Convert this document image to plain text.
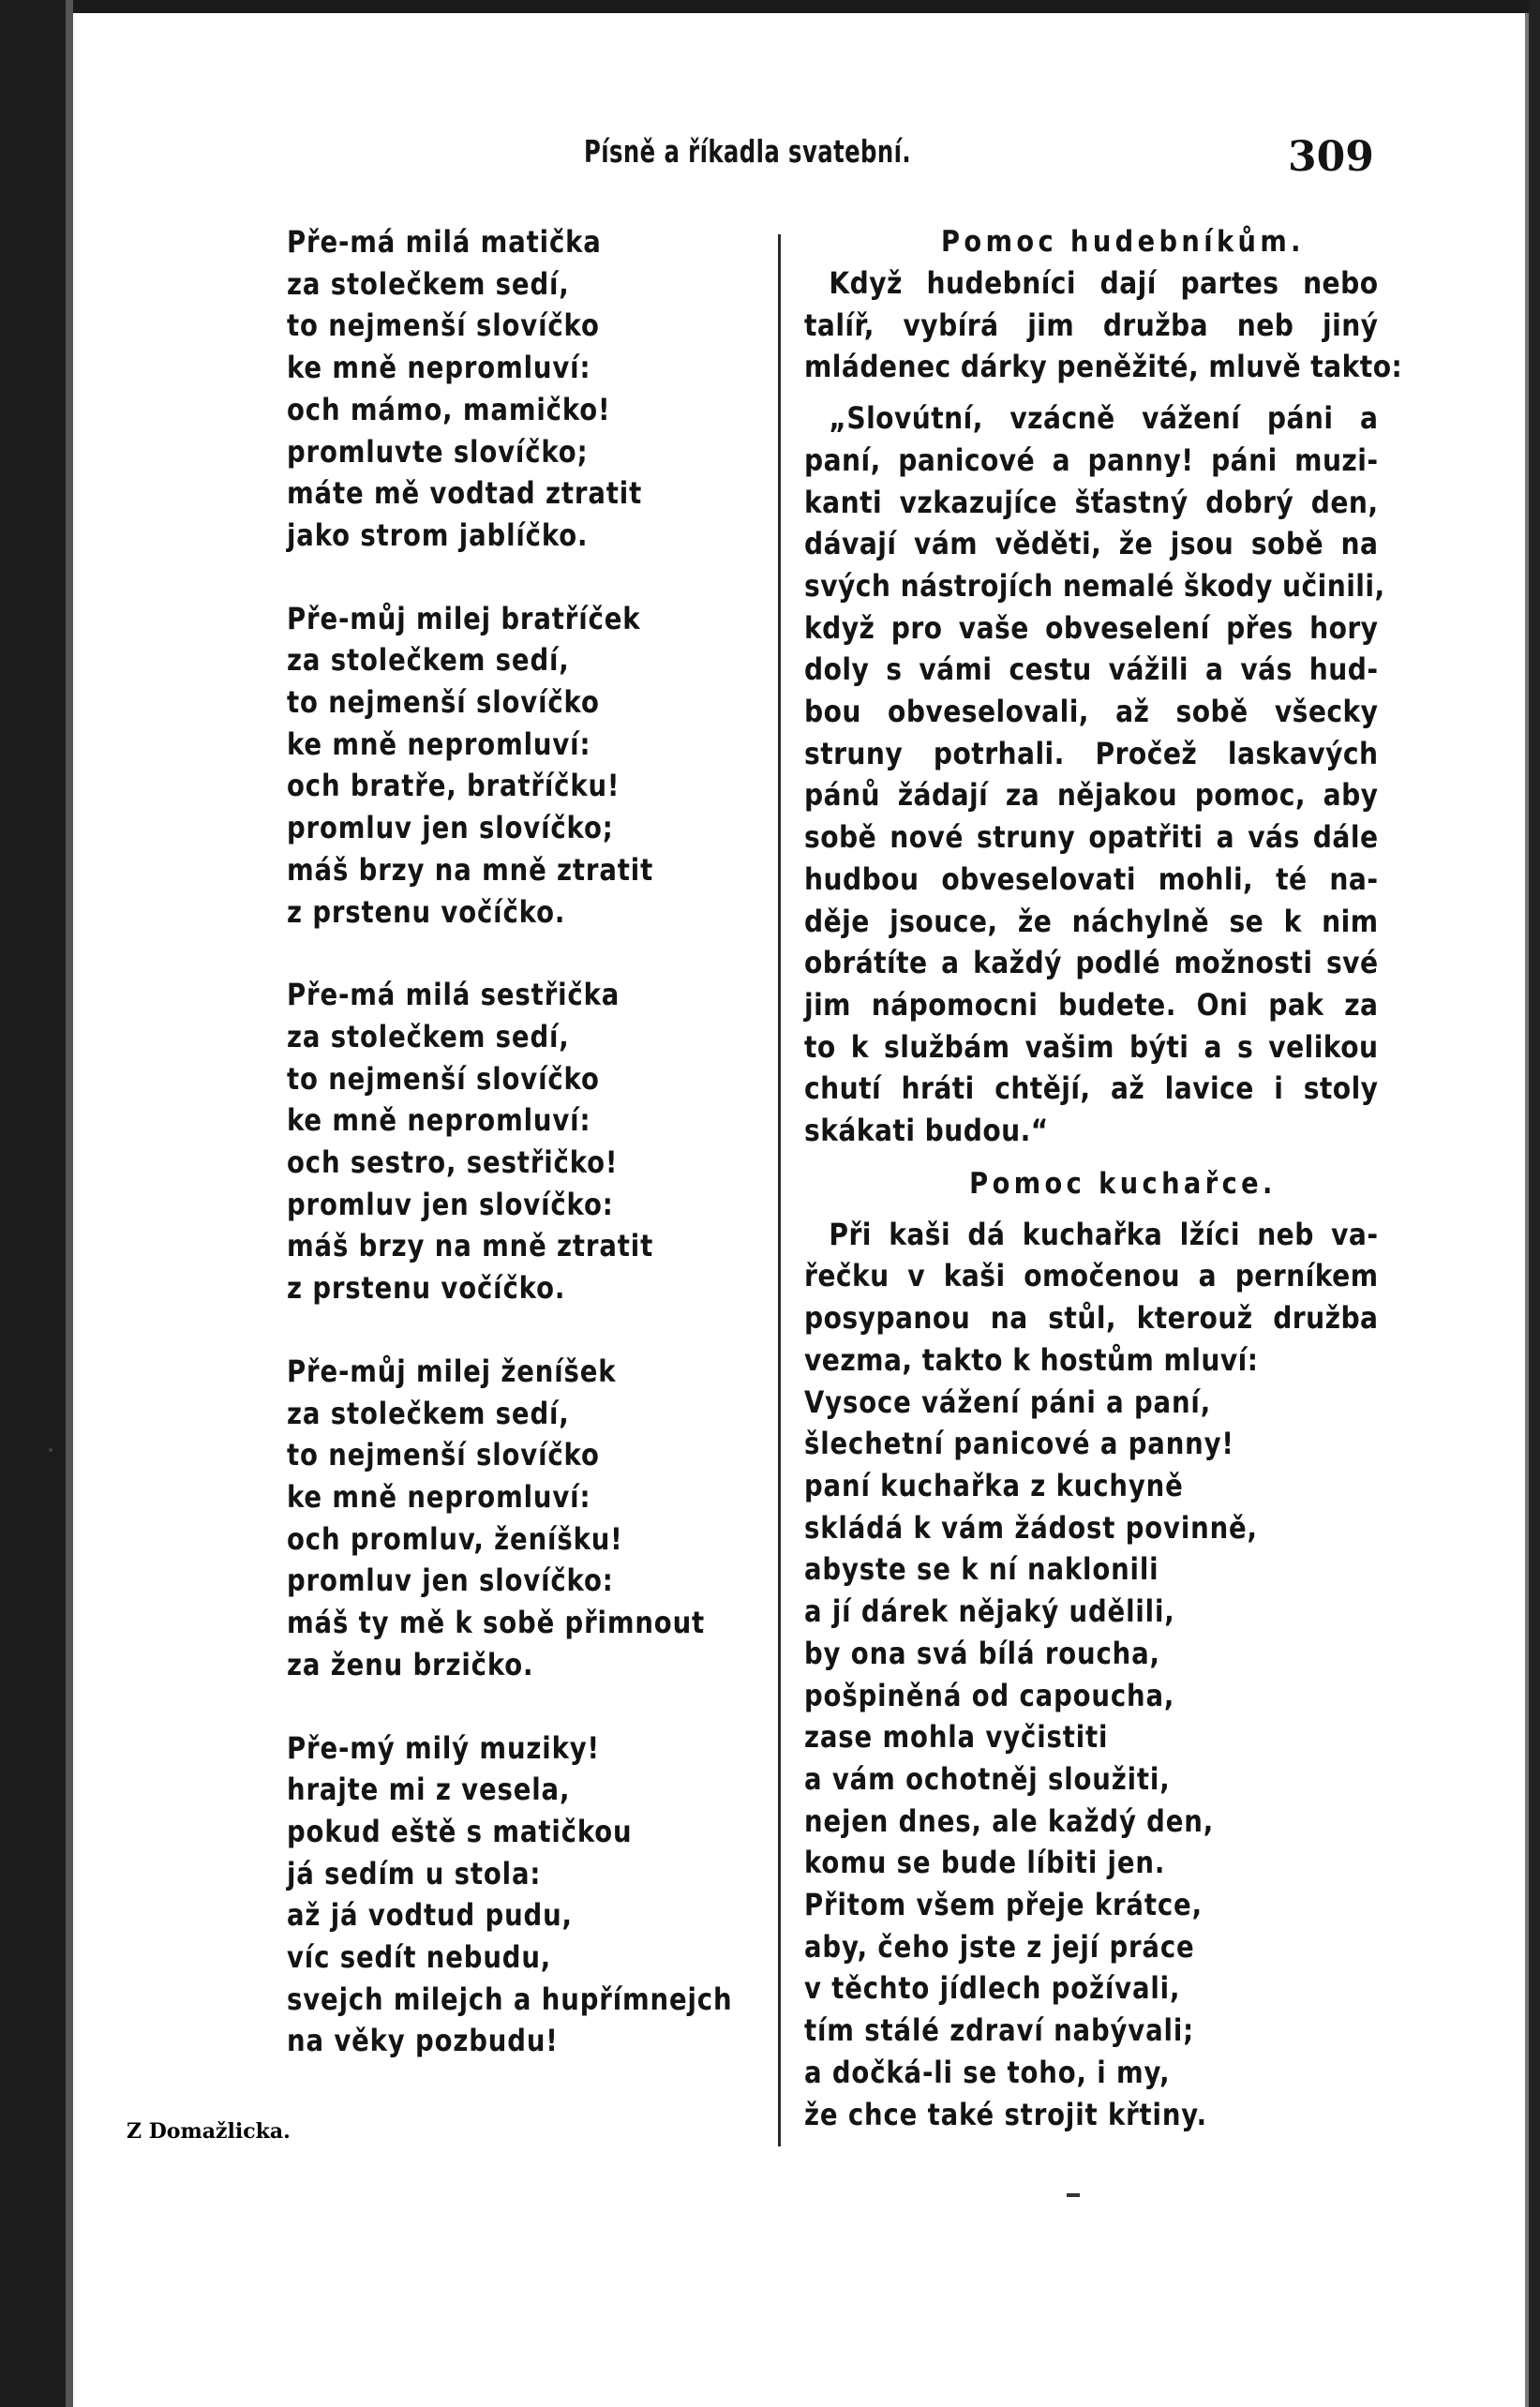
Písně a říkadla svatební.	309
Pře-má milá matička
za stolečkem sedí,
to nejmenší slovíčko
ke mně nepromluví:
och mámo, mamičko!
promluvte slovíčko;
máte mě vodtad ztratit
jako strom jablíčko.
Pře-můj milej bratříček
za stolečkem sedí,
to nejmenší slovíčko
ke mně nepromluví:
och bratře, bratříčku!
promluv jen slovíčko;
máš brzy na mně ztratit
z prstenu vočíčko.
Pře-má milá sestřička
za stolečkem sedí,
to nejmenší slovíčko
ke mně nepromluví:
och sestro, sestřičko!
promluv jen slovíčko:
máš brzy na mně ztratit
z prstenu vočíčko.
Pře-můj milej ženíšek
za stolečkem sedí,
to nejmenší slovíčko
ke mně nepromluví:
och promluv, ženíšku!
promluv jen slovíčko:
máš ty mě k sobě přimnout
za ženu brzičko.
Pře-mý milý muziky!
hrajte mi z vesela,
pokud eště s matičkou
já sedím u stola:
až já vodtud pudu,
víc sedít nebudu,
svejch milejch a hupřímnejch
na věky pozbudu!
Pomoc hudebníkům.
Když hudebníci dají partes nebo
talíř, vybírá jim družba neb jiný
mládenec dárky peněžité, mluvě takto:
„Slovútní, vzácně vážení páni a
paní, panicové a panny! páni muzi-
kanti vzkazujíce šťastný dobrý den,
dávají vám věděti, že jsou sobě na
svých nástrojích nemalé škody učinili,
když pro vaše obveselení přes hory
doly s vámi cestu vážili a vás hud-
bou obveselovali, až sobě všecky
struny potrhali. Pročež laskavých
pánů žádají za nějakou pomoc, aby
sobě nové struny opatřiti a vás dále
hudbou obveselovati mohli, té na-
děje jsouce, že náchylně se k nim
obrátíte a každý podlé možnosti své
jim nápomocni budete. Oni pak za
to k službám vašim býti a s velikou
chutí hráti chtějí, až lavice i stoly
skákati budou.“
Pomoc kuchařce.
Při kaši dá kuchařka lžíci neb va-
řečku v kaši omočenou a perníkem
posypanou na stůl, kterouž družba
vezma, takto k hostům mluví:
Vysoce vážení páni a paní,
šlechetní panicové a panny!
paní kuchařka z kuchyně
skládá k vám žádost povinně,
abyste se k ní naklonili
a jí dárek nějaký udělili,
by ona svá bílá roucha,
pošpiněná od capoucha,
zase mohla vyčistiti
a vám ochotněj sloužiti,
nejen dnes, ale každý den,
komu se bude líbiti jen.
Přitom všem přeje krátce,
aby, čeho jste z její práce
v těchto jídlech požívali,
tím stálé zdraví nabývali;
a dočká-li se toho, i my,
že chce také strojit křtiny.
Z Domažlicka.
